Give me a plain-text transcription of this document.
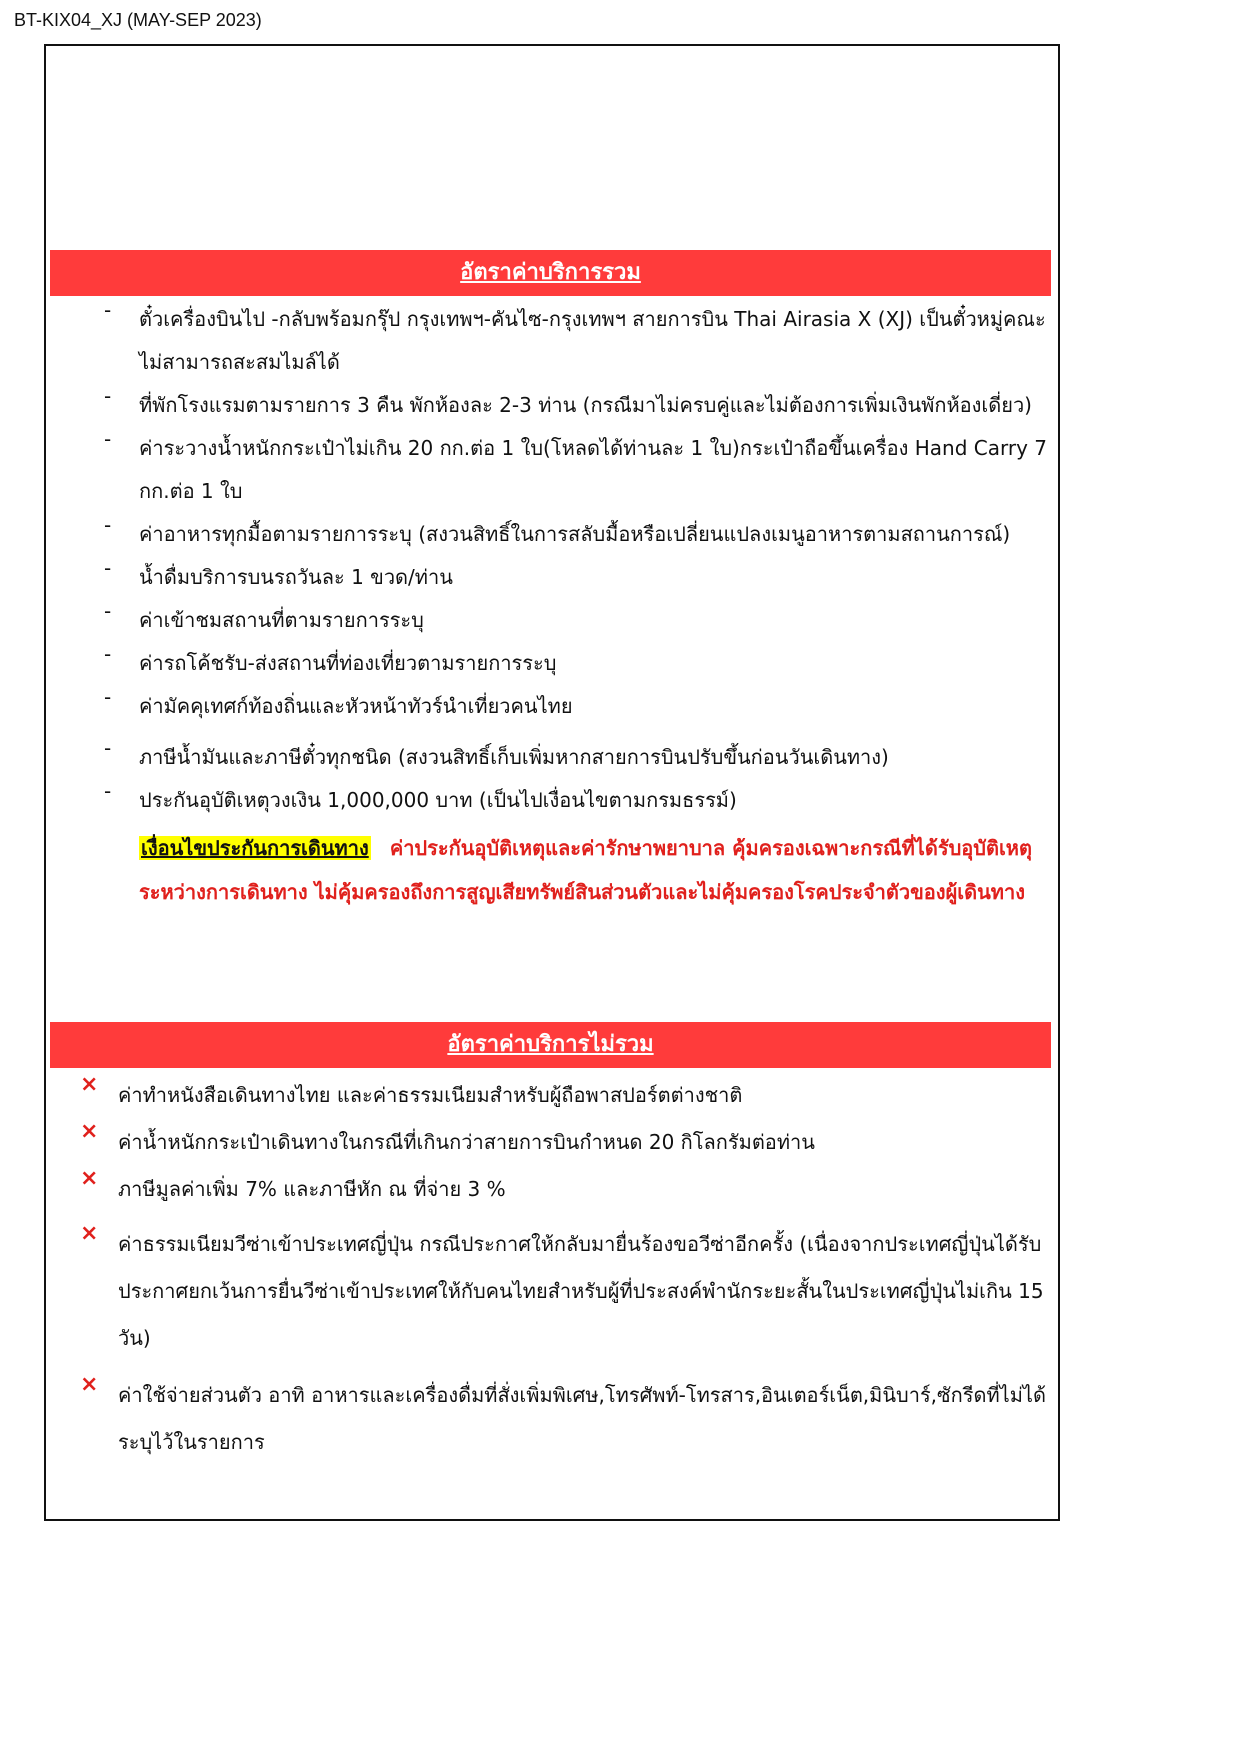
BT-KIX04_XJ (MAY-SEP 2023)
อัตราค่าบริการรวม
-	ตั๋วเครื่องบินไป -กลับพร้อมกรุ๊ป กรุงเทพฯ-คันไซ-กรุงเทพฯ สายการบิน Thai Airasia X (XJ) เป็นตั๋วหมู่คณะไม่สามารถสะสมไมล์ได้
-	ที่พักโรงแรมตามรายการ 3 คืน พักห้องละ 2-3 ท่าน (กรณีมาไม่ครบคู่และไม่ต้องการเพิ่มเงินพักห้องเดี่ยว)
-	ค่าระวางน้ำหนักกระเป๋าไม่เกิน 20 กก.ต่อ 1 ใบ(โหลดได้ท่านละ 1 ใบ)กระเป๋าถือขึ้นเครื่อง Hand Carry 7 กก.ต่อ 1 ใบ
-	ค่าอาหารทุกมื้อตามรายการระบุ (สงวนสิทธิ์ในการสลับมื้อหรือเปลี่ยนแปลงเมนูอาหารตามสถานการณ์)
-	น้ำดื่มบริการบนรถวันละ 1 ขวด/ท่าน
-	ค่าเข้าชมสถานที่ตามรายการระบุ
-	ค่ารถโค้ชรับ-ส่งสถานที่ท่องเที่ยวตามรายการระบุ
-	ค่ามัคคุเทศก์ท้องถิ่นและหัวหน้าทัวร์นำเที่ยวคนไทย
-	ภาษีน้ำมันและภาษีตั๋วทุกชนิด (สงวนสิทธิ์เก็บเพิ่มหากสายการบินปรับขึ้นก่อนวันเดินทาง)
-	ประกันอุบัติเหตุวงเงิน 1,000,000 บาท (เป็นไปเงื่อนไขตามกรมธรรม์)
เงื่อนไขประกันการเดินทาง ค่าประกันอุบัติเหตุและค่ารักษาพยาบาล คุ้มครองเฉพาะกรณีที่ได้รับอุบัติเหตุระหว่างการเดินทาง ไม่คุ้มครองถึงการสูญเสียทรัพย์สินส่วนตัวและไม่คุ้มครองโรคประจำตัวของผู้เดินทาง
อัตราค่าบริการไม่รวม
× ค่าทำหนังสือเดินทางไทย และค่าธรรมเนียมสำหรับผู้ถือพาสปอร์ตต่างชาติ
× ค่าน้ำหนักกระเป๋าเดินทางในกรณีที่เกินกว่าสายการบินกำหนด 20 กิโลกรัมต่อท่าน
× ภาษีมูลค่าเพิ่ม 7% และภาษีหัก ณ ที่จ่าย 3 %
× ค่าธรรมเนียมวีซ่าเข้าประเทศญี่ปุ่น กรณีประกาศให้กลับมายื่นร้องขอวีซ่าอีกครั้ง (เนื่องจากประเทศญี่ปุ่นได้รับประกาศยกเว้นการยื่นวีซ่าเข้าประเทศให้กับคนไทยสำหรับผู้ที่ประสงค์พำนักระยะสั้นในประเทศญี่ปุ่นไม่เกิน 15 วัน)
× ค่าใช้จ่ายส่วนตัว อาทิ อาหารและเครื่องดื่มที่สั่งเพิ่มพิเศษ,โทรศัพท์-โทรสาร,อินเตอร์เน็ต,มินิบาร์,ซักรีดที่ไม่ได้ระบุไว้ในรายการ
